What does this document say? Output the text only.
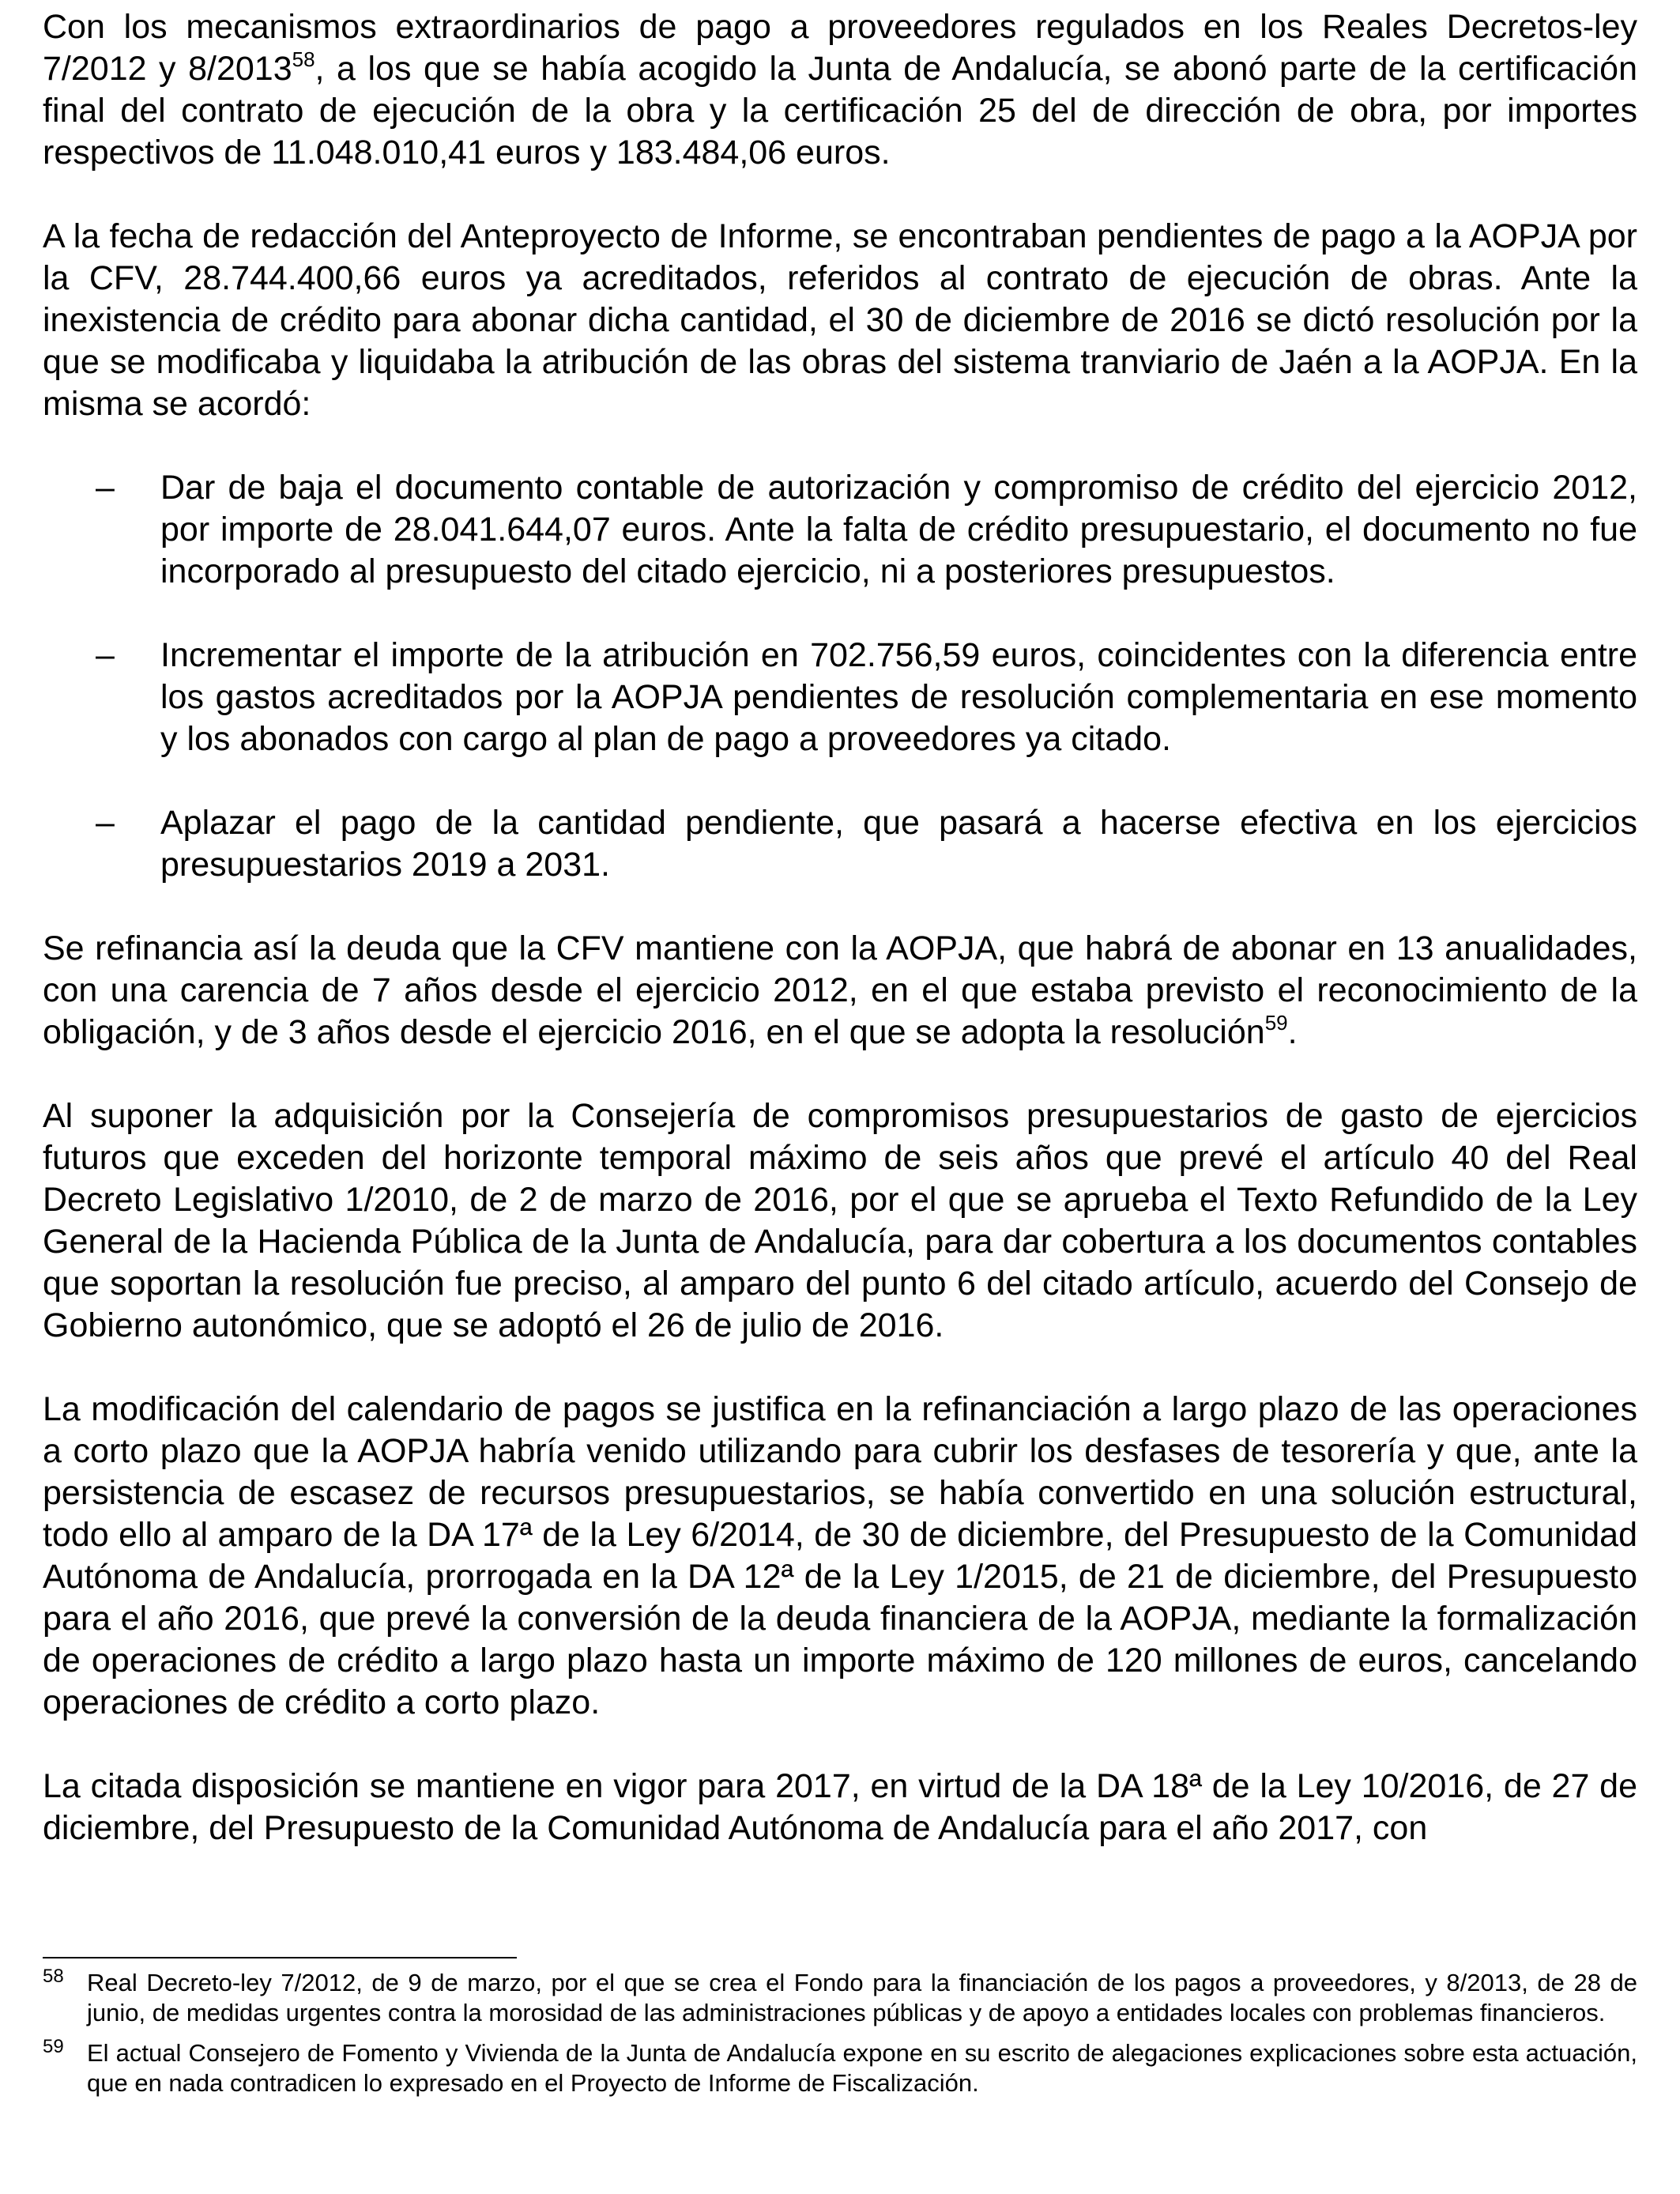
Con los mecanismos extraordinarios de pago a proveedores regulados en los Reales Decretos-ley 7/2012 y 8/2013$^{58}$, a los que se había acogido la Junta de Andalucía, se abonó parte de la certificación final del contrato de ejecución de la obra y la certificación 25 del de dirección de obra, por importes respectivos de 11.048.010,41 euros y 183.484,06 euros.

A la fecha de redacción del Anteproyecto de Informe, se encontraban pendientes de pago a la AOPJA por la CFV, 28.744.400,66 euros ya acreditados, referidos al contrato de ejecución de obras. Ante la inexistencia de crédito para abonar dicha cantidad, el 30 de diciembre de 2016 se dictó resolución por la que se modificaba y liquidaba la atribución de las obras del sistema tranviario de Jaén a la AOPJA. En la misma se acordó:

– Dar de baja el documento contable de autorización y compromiso de crédito del ejercicio 2012, por importe de 28.041.644,07 euros. Ante la falta de crédito presupuestario, el documento no fue incorporado al presupuesto del citado ejercicio, ni a posteriores presupuestos.

– Incrementar el importe de la atribución en 702.756,59 euros, coincidentes con la diferencia entre los gastos acreditados por la AOPJA pendientes de resolución complementaria en ese momento y los abonados con cargo al plan de pago a proveedores ya citado.

– Aplazar el pago de la cantidad pendiente, que pasará a hacerse efectiva en los ejercicios presupuestarios 2019 a 2031.

Se refinancia así la deuda que la CFV mantiene con la AOPJA, que habrá de abonar en 13 anualidades, con una carencia de 7 años desde el ejercicio 2012, en el que estaba previsto el reconocimiento de la obligación, y de 3 años desde el ejercicio 2016, en el que se adopta la resolución$^{59}$.

Al suponer la adquisición por la Consejería de compromisos presupuestarios de gasto de ejercicios futuros que exceden del horizonte temporal máximo de seis años que prevé el artículo 40 del Real Decreto Legislativo 1/2010, de 2 de marzo de 2016, por el que se aprueba el Texto Refundido de la Ley General de la Hacienda Pública de la Junta de Andalucía, para dar cobertura a los documentos contables que soportan la resolución fue preciso, al amparo del punto 6 del citado artículo, acuerdo del Consejo de Gobierno autonómico, que se adoptó el 26 de julio de 2016.

La modificación del calendario de pagos se justifica en la refinanciación a largo plazo de las operaciones a corto plazo que la AOPJA habría venido utilizando para cubrir los desfases de tesorería y que, ante la persistencia de escasez de recursos presupuestarios, se había convertido en una solución estructural, todo ello al amparo de la DA 17ª de la Ley 6/2014, de 30 de diciembre, del Presupuesto de la Comunidad Autónoma de Andalucía, prorrogada en la DA 12ª de la Ley 1/2015, de 21 de diciembre, del Presupuesto para el año 2016, que prevé la conversión de la deuda financiera de la AOPJA, mediante la formalización de operaciones de crédito a largo plazo hasta un importe máximo de 120 millones de euros, cancelando operaciones de crédito a corto plazo.

La citada disposición se mantiene en vigor para 2017, en virtud de la DA 18ª de la Ley 10/2016, de 27 de diciembre, del Presupuesto de la Comunidad Autónoma de Andalucía para el año 2017, con

58 Real Decreto-ley 7/2012, de 9 de marzo, por el que se crea el Fondo para la financiación de los pagos a proveedores, y 8/2013, de 28 de junio, de medidas urgentes contra la morosidad de las administraciones públicas y de apoyo a entidades locales con problemas financieros.
59 El actual Consejero de Fomento y Vivienda de la Junta de Andalucía expone en su escrito de alegaciones explicaciones sobre esta actuación, que en nada contradicen lo expresado en el Proyecto de Informe de Fiscalización.
